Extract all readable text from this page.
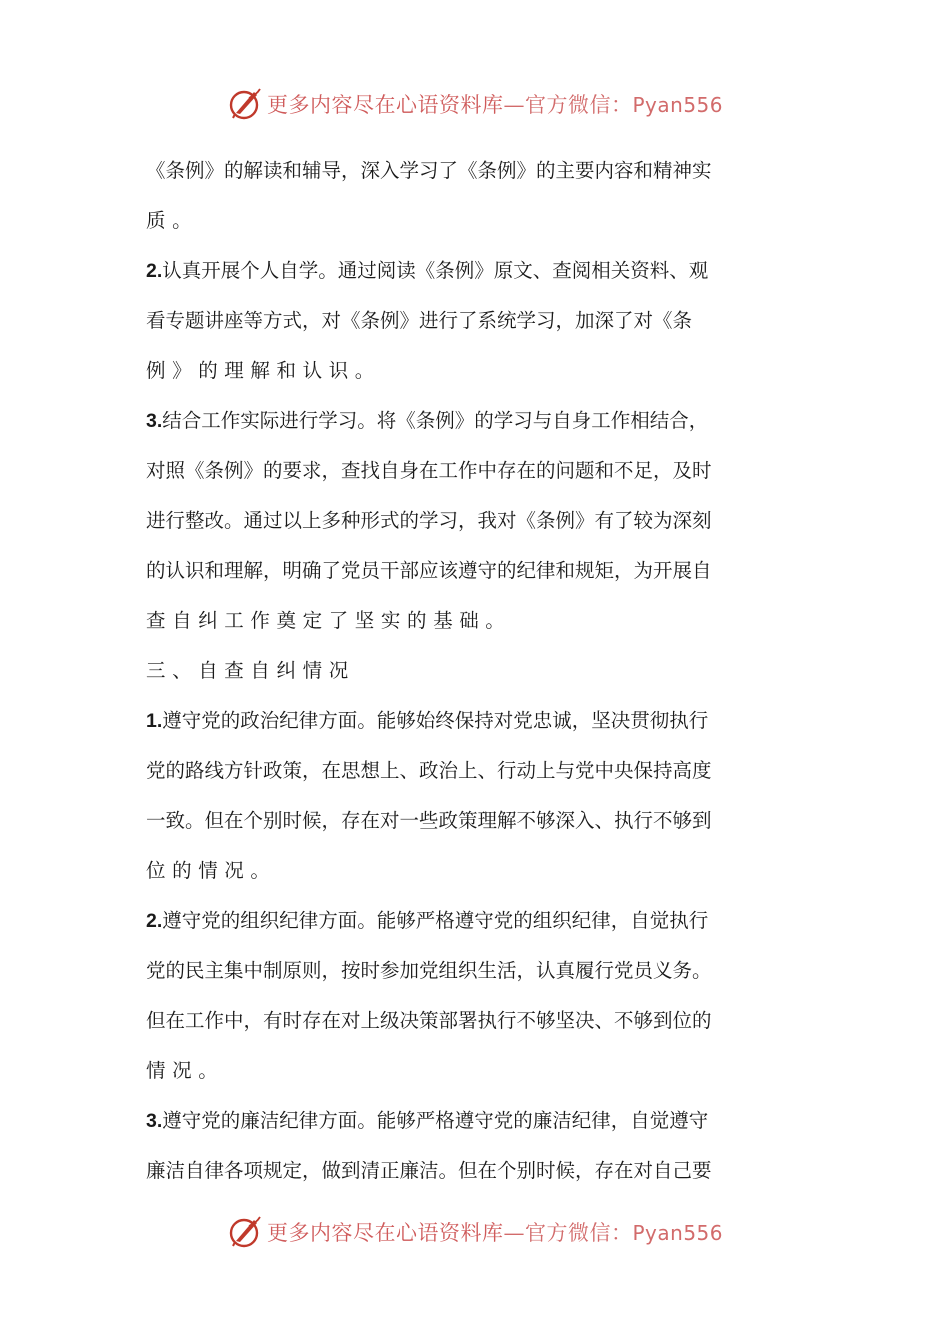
更多内容尽在心语资料库—官方微信：Pyan556
《条例》的解读和辅导，深入学习了《条例》的主要内容和精神实
质。
2.认真开展个人自学。通过阅读《条例》原文、查阅相关资料、观
看专题讲座等方式，对《条例》进行了系统学习，加深了对《条
例》的理解和认识。
3.结合工作实际进行学习。将《条例》的学习与自身工作相结合，
对照《条例》的要求，查找自身在工作中存在的问题和不足，及时
进行整改。通过以上多种形式的学习，我对《条例》有了较为深刻
的认识和理解，明确了党员干部应该遵守的纪律和规矩，为开展自
查自纠工作奠定了坚实的基础。
三、自查自纠情况
1.遵守党的政治纪律方面。能够始终保持对党忠诚，坚决贯彻执行
党的路线方针政策，在思想上、政治上、行动上与党中央保持高度
一致。但在个别时候，存在对一些政策理解不够深入、执行不够到
位的情况。
2.遵守党的组织纪律方面。能够严格遵守党的组织纪律，自觉执行
党的民主集中制原则，按时参加党组织生活，认真履行党员义务。
但在工作中，有时存在对上级决策部署执行不够坚决、不够到位的
情况。
3.遵守党的廉洁纪律方面。能够严格遵守党的廉洁纪律，自觉遵守
廉洁自律各项规定，做到清正廉洁。但在个别时候，存在对自己要
更多内容尽在心语资料库—官方微信：Pyan556
